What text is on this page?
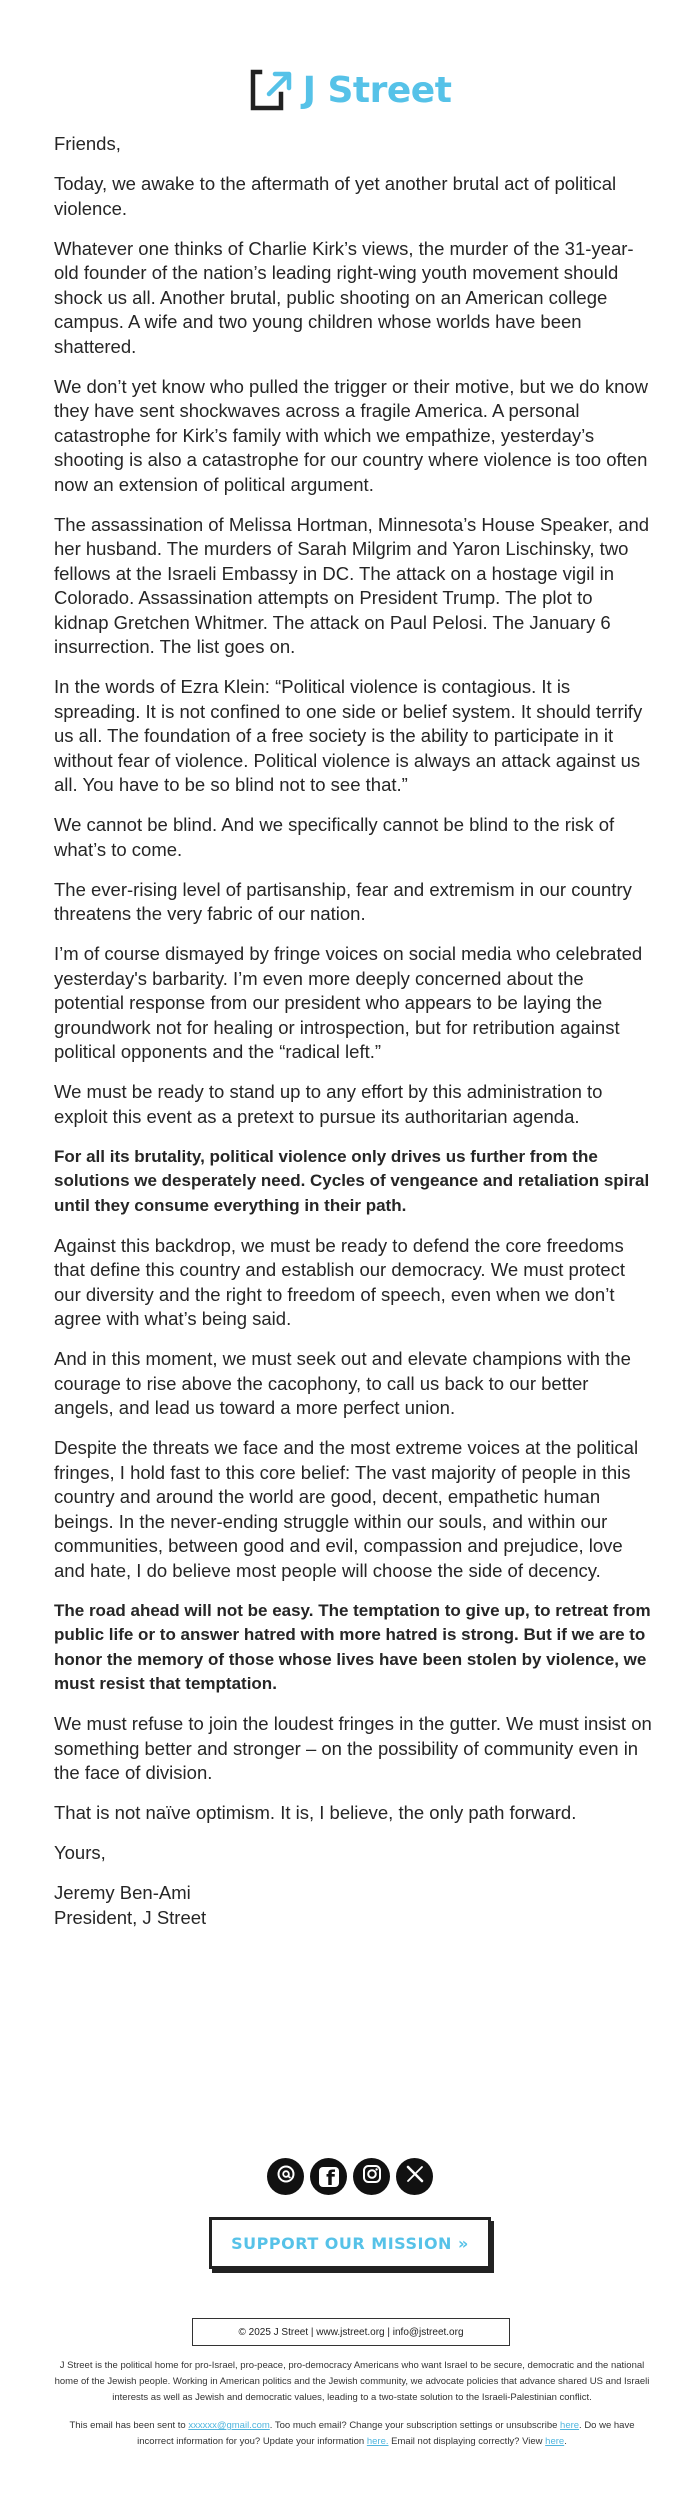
J Street

Friends,

Today, we awake to the aftermath of yet another brutal act of political violence.

Whatever one thinks of Charlie Kirk’s views, the murder of the 31-year-old founder of the nation’s leading right-wing youth movement should shock us all. Another brutal, public shooting on an American college campus. A wife and two young children whose worlds have been shattered.

We don’t yet know who pulled the trigger or their motive, but we do know they have sent shockwaves across a fragile America. A personal catastrophe for Kirk’s family with which we empathize, yesterday’s shooting is also a catastrophe for our country where violence is too often now an extension of political argument.

The assassination of Melissa Hortman, Minnesota’s House Speaker, and her husband. The murders of Sarah Milgrim and Yaron Lischinsky, two fellows at the Israeli Embassy in DC. The attack on a hostage vigil in Colorado. Assassination attempts on President Trump. The plot to kidnap Gretchen Whitmer. The attack on Paul Pelosi. The January 6 insurrection. The list goes on.

In the words of Ezra Klein: “Political violence is contagious. It is spreading. It is not confined to one side or belief system. It should terrify us all. The foundation of a free society is the ability to participate in it without fear of violence. Political violence is always an attack against us all. You have to be so blind not to see that.”

We cannot be blind. And we specifically cannot be blind to the risk of what’s to come.

The ever-rising level of partisanship, fear and extremism in our country threatens the very fabric of our nation.

I’m of course dismayed by fringe voices on social media who celebrated yesterday's barbarity. I’m even more deeply concerned about the potential response from our president who appears to be laying the groundwork not for healing or introspection, but for retribution against political opponents and the “radical left.”

We must be ready to stand up to any effort by this administration to exploit this event as a pretext to pursue its authoritarian agenda.

For all its brutality, political violence only drives us further from the solutions we desperately need. Cycles of vengeance and retaliation spiral until they consume everything in their path.

Against this backdrop, we must be ready to defend the core freedoms that define this country and establish our democracy. We must protect our diversity and the right to freedom of speech, even when we don’t agree with what’s being said.

And in this moment, we must seek out and elevate champions with the courage to rise above the cacophony, to call us back to our better angels, and lead us toward a more perfect union.

Despite the threats we face and the most extreme voices at the political fringes, I hold fast to this core belief: The vast majority of people in this country and around the world are good, decent, empathetic human beings. In the never-ending struggle within our souls, and within our communities, between good and evil, compassion and prejudice, love and hate, I do believe most people will choose the side of decency.

The road ahead will not be easy. The temptation to give up, to retreat from public life or to answer hatred with more hatred is strong. But if we are to honor the memory of those whose lives have been stolen by violence, we must resist that temptation.

We must refuse to join the loudest fringes in the gutter. We must insist on something better and stronger – on the possibility of community even in the face of division.

That is not naïve optimism. It is, I believe, the only path forward.

Yours,

Jeremy Ben-Ami
President, J Street

f
SUPPORT OUR MISSION »
© 2025 J Street | www.jstreet.org | info@jstreet.org

J Street is the political home for pro-Israel, pro-peace, pro-democracy Americans who want Israel to be secure, democratic and the national home of the Jewish people. Working in American politics and the Jewish community, we advocate policies that advance shared US and Israeli interests as well as Jewish and democratic values, leading to a two-state solution to the Israeli-Palestinian conflict.

This email has been sent to xxxxxx@gmail.com. Too much email? Change your subscription settings or unsubscribe here. Do we have incorrect information for you? Update your information here. Email not displaying correctly? View here.
